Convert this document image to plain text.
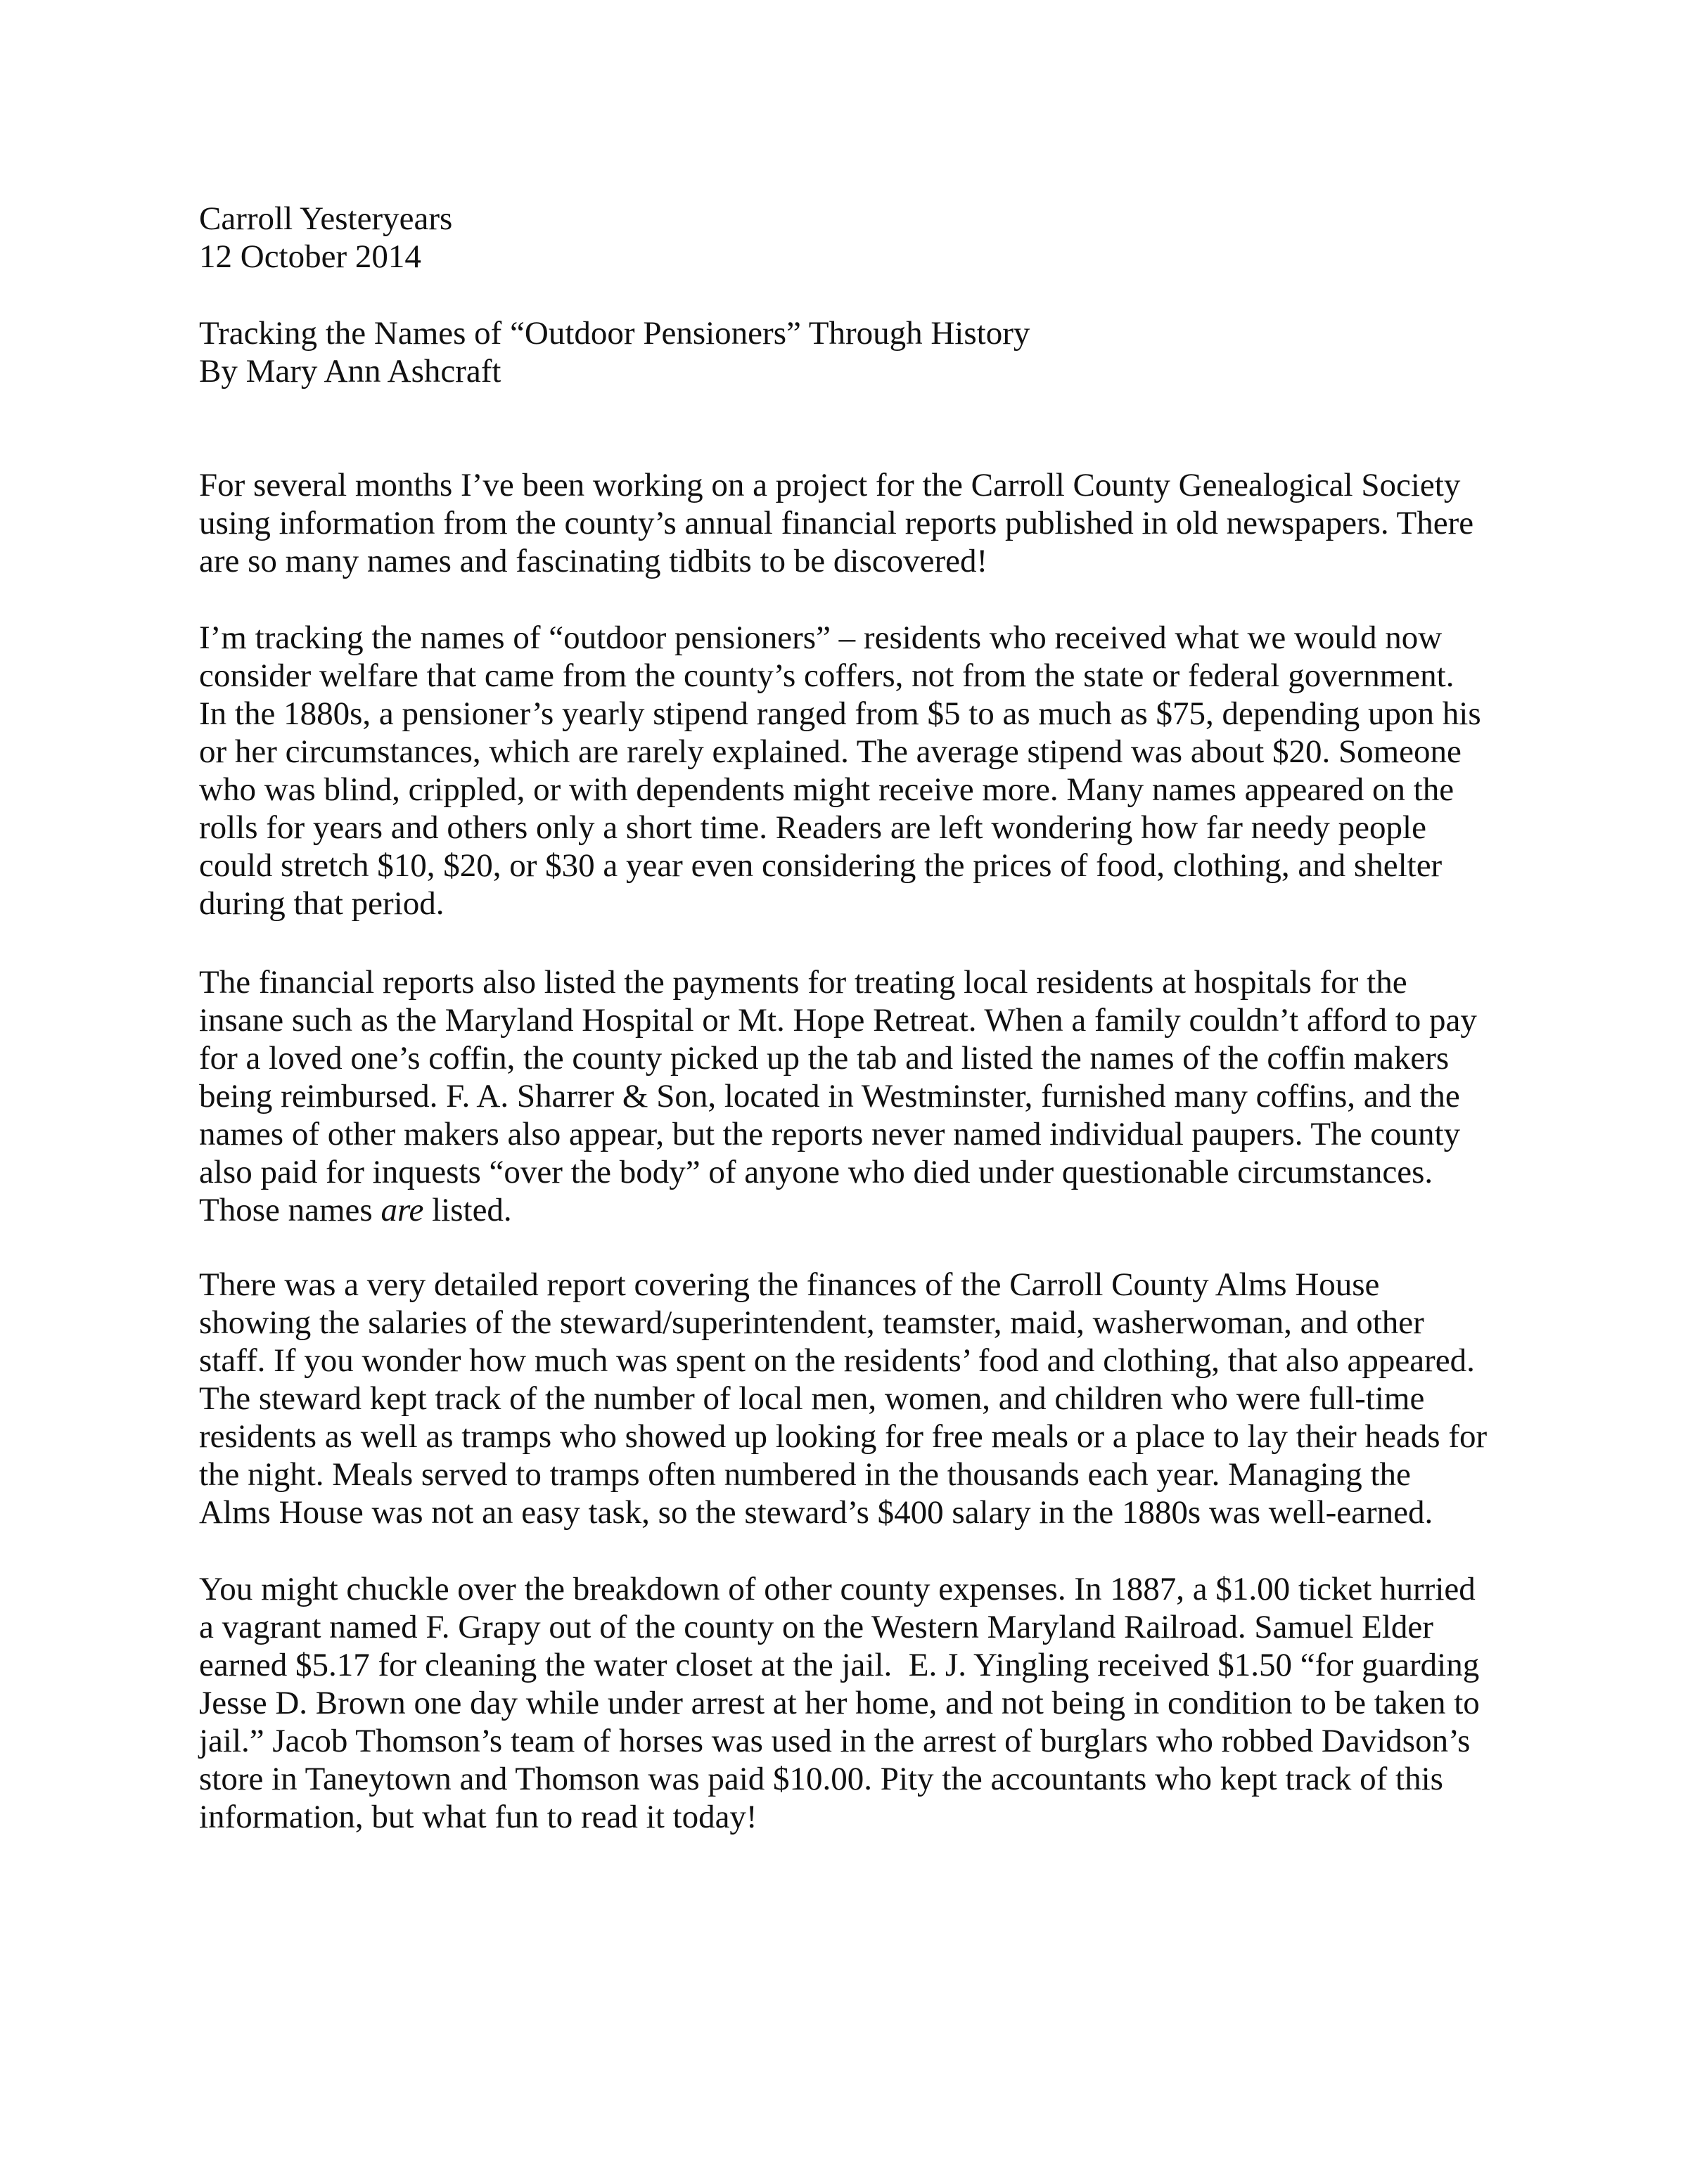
Carroll Yesteryears
12 October 2014
Tracking the Names of “Outdoor Pensioners” Through History
By Mary Ann Ashcraft
For several months I’ve been working on a project for the Carroll County Genealogical Society
using information from the county’s annual financial reports published in old newspapers. There
are so many names and fascinating tidbits to be discovered!
I’m tracking the names of “outdoor pensioners” – residents who received what we would now
consider welfare that came from the county’s coffers, not from the state or federal government.
In the 1880s, a pensioner’s yearly stipend ranged from $5 to as much as $75, depending upon his
or her circumstances, which are rarely explained. The average stipend was about $20. Someone
who was blind, crippled, or with dependents might receive more. Many names appeared on the
rolls for years and others only a short time. Readers are left wondering how far needy people
could stretch $10, $20, or $30 a year even considering the prices of food, clothing, and shelter
during that period.
The financial reports also listed the payments for treating local residents at hospitals for the
insane such as the Maryland Hospital or Mt. Hope Retreat. When a family couldn’t afford to pay
for a loved one’s coffin, the county picked up the tab and listed the names of the coffin makers
being reimbursed. F. A. Sharrer & Son, located in Westminster, furnished many coffins, and the
names of other makers also appear, but the reports never named individual paupers. The county
also paid for inquests “over the body” of anyone who died under questionable circumstances.
Those names are listed.
There was a very detailed report covering the finances of the Carroll County Alms House
showing the salaries of the steward/superintendent, teamster, maid, washerwoman, and other
staff. If you wonder how much was spent on the residents’ food and clothing, that also appeared.
The steward kept track of the number of local men, women, and children who were full-time
residents as well as tramps who showed up looking for free meals or a place to lay their heads for
the night. Meals served to tramps often numbered in the thousands each year. Managing the
Alms House was not an easy task, so the steward’s $400 salary in the 1880s was well-earned.
You might chuckle over the breakdown of other county expenses. In 1887, a $1.00 ticket hurried
a vagrant named F. Grapy out of the county on the Western Maryland Railroad. Samuel Elder
earned $5.17 for cleaning the water closet at the jail.  E. J. Yingling received $1.50 “for guarding
Jesse D. Brown one day while under arrest at her home, and not being in condition to be taken to
jail.” Jacob Thomson’s team of horses was used in the arrest of burglars who robbed Davidson’s
store in Taneytown and Thomson was paid $10.00. Pity the accountants who kept track of this
information, but what fun to read it today!
